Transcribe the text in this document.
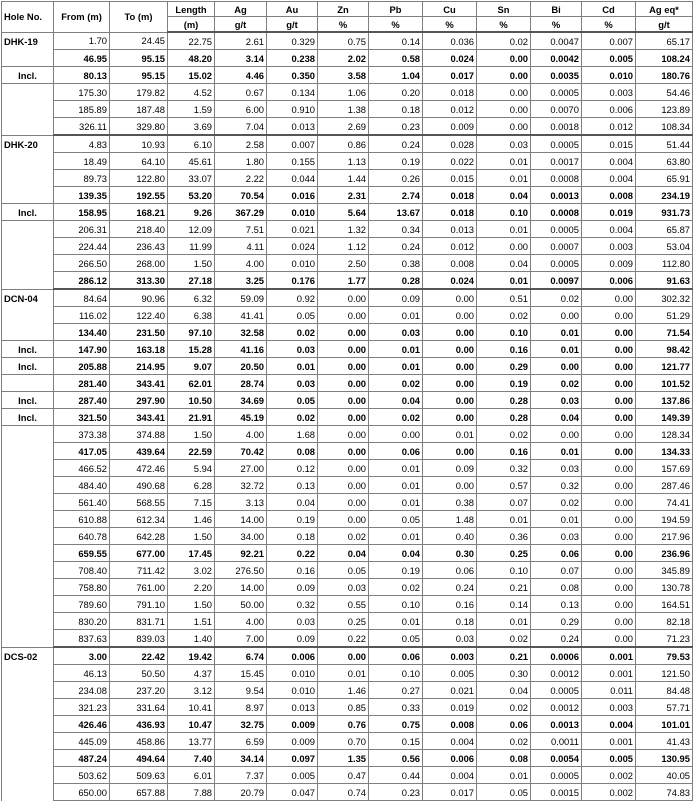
Hole No.	From (m)	To (m)	Length	Ag	Au	Zn	Pb	Cu	Sn	Bi	Cd	Ag eq*
			(m)	g/t	g/t	%	%	%	%	%	%	g/t
DHK-19	1.70	24.45	22.75	2.61	0.329	0.75	0.14	0.036	0.02	0.0047	0.007	65.17
	46.95	95.15	48.20	3.14	0.238	2.02	0.58	0.024	0.00	0.0042	0.005	108.24
Incl.	80.13	95.15	15.02	4.46	0.350	3.58	1.04	0.017	0.00	0.0035	0.010	180.76
	175.30	179.82	4.52	0.67	0.134	1.06	0.20	0.018	0.00	0.0005	0.003	54.46
	185.89	187.48	1.59	6.00	0.910	1.38	0.18	0.012	0.00	0.0070	0.006	123.89
	326.11	329.80	3.69	7.04	0.013	2.69	0.23	0.009	0.00	0.0018	0.012	108.34
DHK-20	4.83	10.93	6.10	2.58	0.007	0.86	0.24	0.028	0.03	0.0005	0.015	51.44
	18.49	64.10	45.61	1.80	0.155	1.13	0.19	0.022	0.01	0.0017	0.004	63.80
	89.73	122.80	33.07	2.22	0.044	1.44	0.26	0.015	0.01	0.0008	0.004	65.91
	139.35	192.55	53.20	70.54	0.016	2.31	2.74	0.018	0.04	0.0013	0.008	234.19
Incl.	158.95	168.21	9.26	367.29	0.010	5.64	13.67	0.018	0.10	0.0008	0.019	931.73
	206.31	218.40	12.09	7.51	0.021	1.32	0.34	0.013	0.01	0.0005	0.004	65.87
	224.44	236.43	11.99	4.11	0.024	1.12	0.24	0.012	0.00	0.0007	0.003	53.04
	266.50	268.00	1.50	4.00	0.010	2.50	0.38	0.008	0.04	0.0005	0.009	112.80
	286.12	313.30	27.18	3.25	0.176	1.77	0.28	0.024	0.01	0.0097	0.006	91.63
DCN-04	84.64	90.96	6.32	59.09	0.92	0.00	0.09	0.00	0.51	0.02	0.00	302.32
	116.02	122.40	6.38	41.41	0.05	0.00	0.01	0.00	0.02	0.00	0.00	51.29
	134.40	231.50	97.10	32.58	0.02	0.00	0.03	0.00	0.10	0.01	0.00	71.54
Incl.	147.90	163.18	15.28	41.16	0.03	0.00	0.01	0.00	0.16	0.01	0.00	98.42
Incl.	205.88	214.95	9.07	20.50	0.01	0.00	0.01	0.00	0.29	0.00	0.00	121.77
	281.40	343.41	62.01	28.74	0.03	0.00	0.02	0.00	0.19	0.02	0.00	101.52
Incl.	287.40	297.90	10.50	34.69	0.05	0.00	0.04	0.00	0.28	0.03	0.00	137.86
Incl.	321.50	343.41	21.91	45.19	0.02	0.00	0.02	0.00	0.28	0.04	0.00	149.39
	373.38	374.88	1.50	4.00	1.68	0.00	0.00	0.01	0.02	0.00	0.00	128.34
	417.05	439.64	22.59	70.42	0.08	0.00	0.06	0.00	0.16	0.01	0.00	134.33
	466.52	472.46	5.94	27.00	0.12	0.00	0.01	0.09	0.32	0.03	0.00	157.69
	484.40	490.68	6.28	32.72	0.13	0.00	0.01	0.00	0.57	0.32	0.00	287.46
	561.40	568.55	7.15	3.13	0.04	0.00	0.01	0.38	0.07	0.02	0.00	74.41
	610.88	612.34	1.46	14.00	0.19	0.00	0.05	1.48	0.01	0.01	0.00	194.59
	640.78	642.28	1.50	34.00	0.18	0.02	0.01	0.40	0.36	0.03	0.00	217.96
	659.55	677.00	17.45	92.21	0.22	0.04	0.04	0.30	0.25	0.06	0.00	236.96
	708.40	711.42	3.02	276.50	0.16	0.05	0.19	0.06	0.10	0.07	0.00	345.89
	758.80	761.00	2.20	14.00	0.09	0.03	0.02	0.24	0.21	0.08	0.00	130.78
	789.60	791.10	1.50	50.00	0.32	0.55	0.10	0.16	0.14	0.13	0.00	164.51
	830.20	831.71	1.51	4.00	0.03	0.25	0.01	0.18	0.01	0.29	0.00	82.18
	837.63	839.03	1.40	7.00	0.09	0.22	0.05	0.03	0.02	0.24	0.00	71.23
DCS-02	3.00	22.42	19.42	6.74	0.006	0.00	0.06	0.003	0.21	0.0006	0.001	79.53
	46.13	50.50	4.37	15.45	0.010	0.01	0.10	0.005	0.30	0.0012	0.001	121.50
	234.08	237.20	3.12	9.54	0.010	1.46	0.27	0.021	0.04	0.0005	0.011	84.48
	321.23	331.64	10.41	8.97	0.013	0.85	0.33	0.019	0.02	0.0012	0.003	57.71
	426.46	436.93	10.47	32.75	0.009	0.76	0.75	0.008	0.06	0.0013	0.004	101.01
	445.09	458.86	13.77	6.59	0.009	0.70	0.15	0.004	0.02	0.0011	0.001	41.43
	487.24	494.64	7.40	34.14	0.097	1.35	0.56	0.006	0.08	0.0054	0.005	130.95
	503.62	509.63	6.01	7.37	0.005	0.47	0.44	0.004	0.01	0.0005	0.002	40.05
	650.00	657.88	7.88	20.79	0.047	0.74	0.23	0.017	0.05	0.0015	0.002	74.83
